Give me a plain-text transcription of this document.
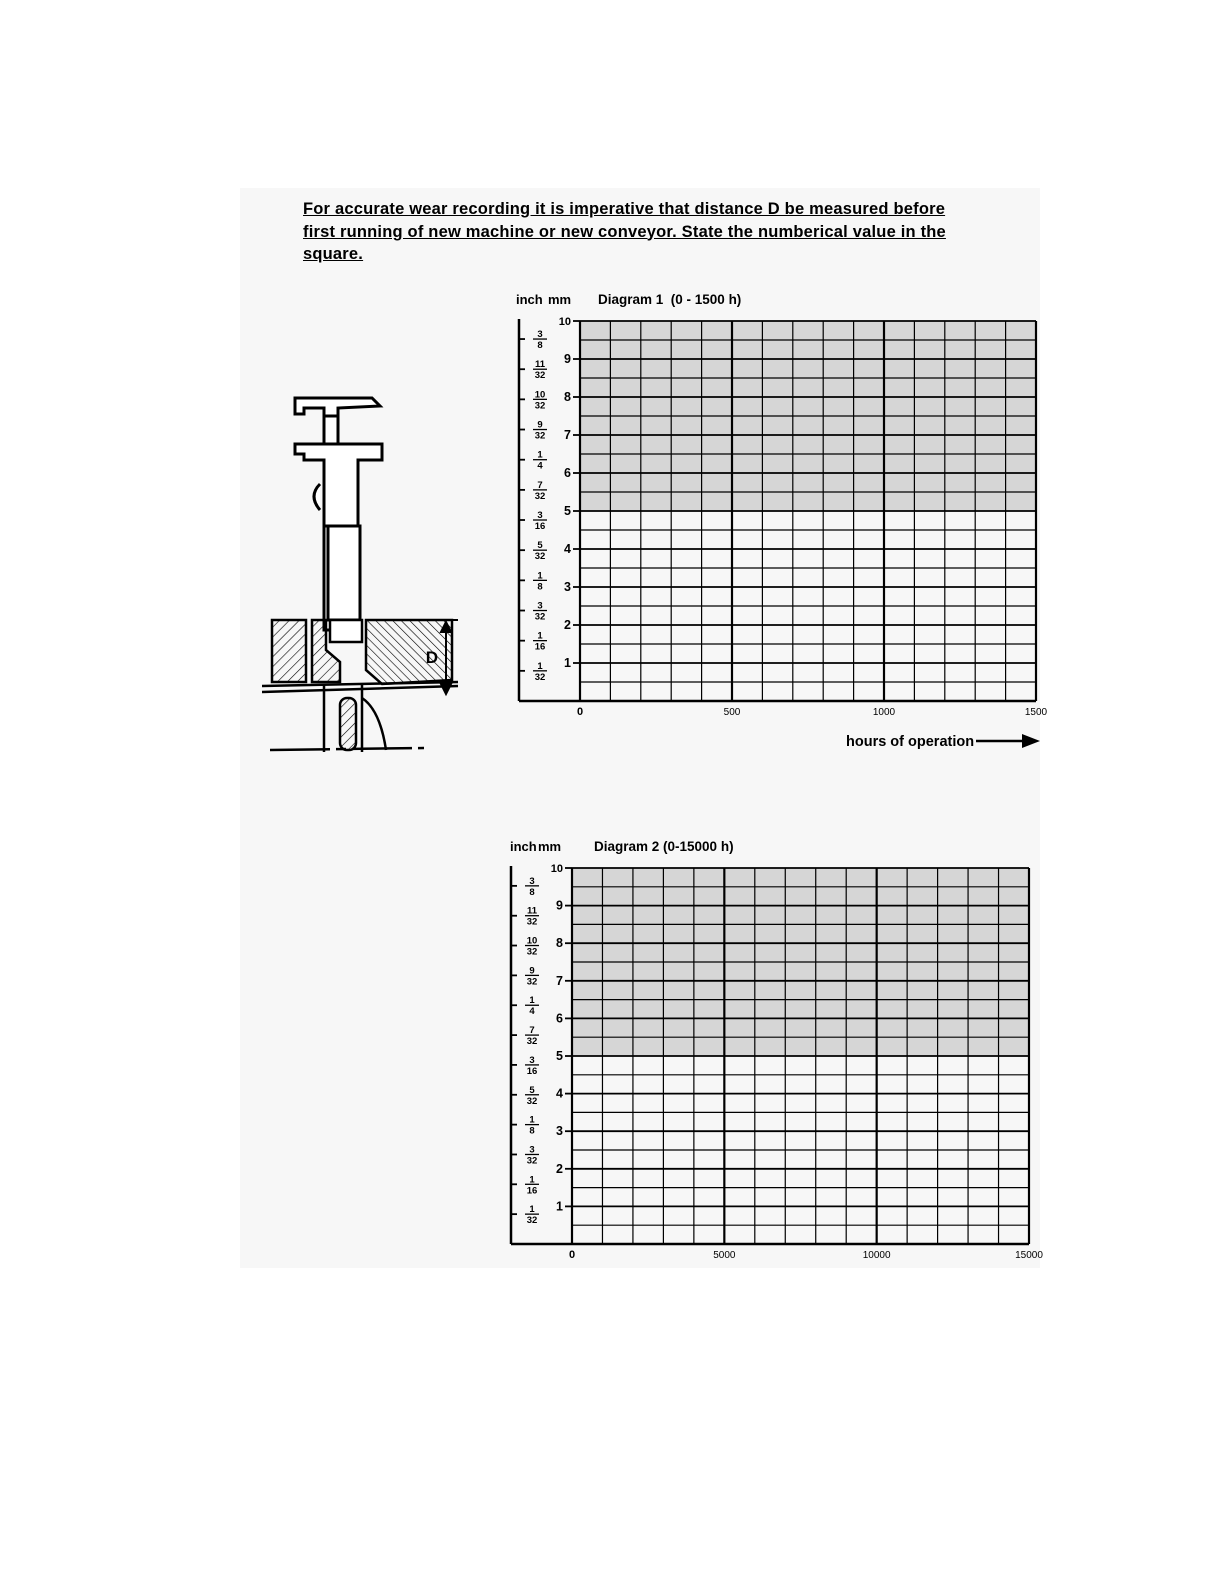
For accurate wear recording it is imperative that distance D be measured before first running of new machine or new conveyor. State the numberical value in the square.
D
inch mm Diagram 1  (0 - 1500 h)
1
2
3
4
5
6
7
8
9
10
1
32
1
16
3
32
1
8
5
32
3
16
7
32
1
4
9
32
10
32
11
32
3
8
0	500	1000	1500
hours of operation
inch mm Diagram 2 (0-15000 h)
1
2
3
4
5
6
7
8
9
10
1
32
1
16
3
32
1
8
5
32
3
16
7
32
1
4
9
32
10
32
11
32
3
8
0	5000	10000	15000
